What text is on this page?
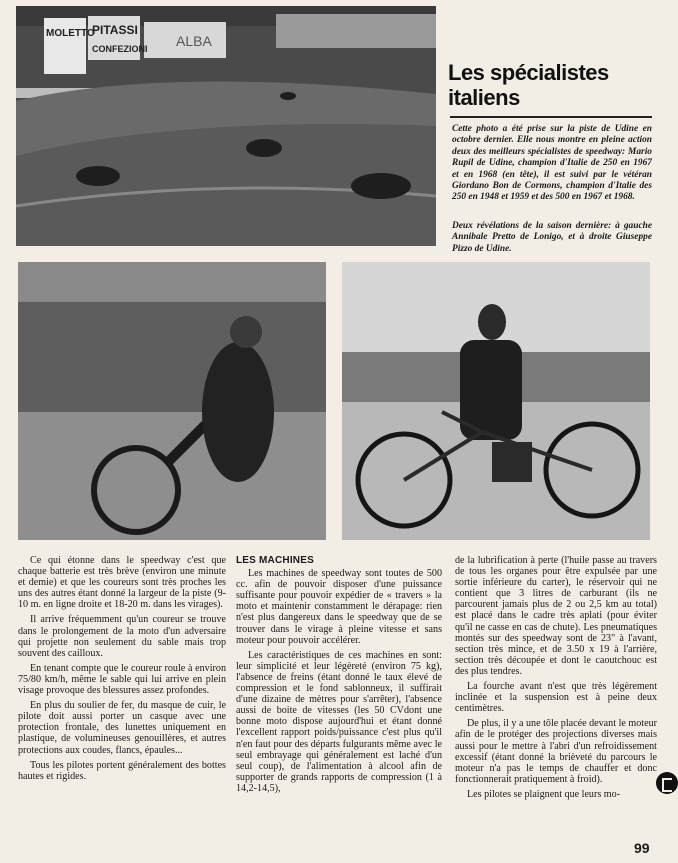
MOLETTO
PITASSI
CONFEZIONI ALBA
Les spécialistes italiens

Cette photo a été prise sur la piste de Udine en octobre dernier. Elle nous montre en pleine action deux des meilleurs spécialistes de speedway: Mario Rupil de Udine, champion d'Italie de 250 en 1967 et en 1968 (en tête), il est suivi par le vétéran Giordano Bon de Cormons, champion d'Italie des 250 en 1948 et 1959 et des 500 en 1967 et 1968.

Deux révélations de la saison dernière: à gauche Annibale Pretto de Lonigo, et à droite Giuseppe Pizzo de Udine.

Ce qui étonne dans le speedway c'est que chaque batterie est très brève (environ une minute et demie) et que les coureurs sont très proches les uns des autres étant donné la largeur de la piste (9-10 m. en ligne droite et 18-20 m. dans les virages).

Il arrive fréquemment qu'un coureur se trouve dans le prolongement de la moto d'un adversaire qui projette non seulement du sable mais trop souvent des cailloux.

En tenant compte que le coureur roule à environ 75/80 km/h, même le sable qui lui arrive en plein visage provoque des blessures assez profondes.

En plus du soulier de fer, du masque de cuir, le pilote doit aussi porter un casque avec une protection frontale, des lunettes uniquement en plastique, de volumineuses genouillères, et autres protections aux coudes, flancs, épaules...

Tous les pilotes portent généralement des bottes hautes et rigides.

LES MACHINES

Les machines de speedway sont toutes de 500 cc. afin de pouvoir disposer d'une puissance suffisante pour pouvoir expédier de « travers » la moto et maintenir constamment le dérapage: rien n'est plus dangereux dans le speedway que de se trouver dans le virage à pleine vitesse et sans moteur pour pouvoir accélérer.

Les caractéristiques de ces machines en sont: leur simplicité et leur légèreté (environ 75 kg), l'absence de freins (étant donné le taux élevé de compression et le fond sablonneux, il suffirait d'une dizaine de mètres pour s'arrêter), l'absence aussi de boite de vitesses (les 50 CVdont une bonne moto dispose aujourd'hui et étant donné l'excellent rapport poids/puissance c'est plus qu'il n'en faut pour des départs fulgurants même avec le seul embrayage qui généralement est laché d'un seul coup), de l'alimentation à alcool afin de supporter de grands rapports de compression (1 à 14,2-14,5),

de la lubrification à perte (l'huile passe au travers de tous les organes pour être expulsée par une sortie inférieure du carter), le réservoir qui ne contient que 3 litres de carburant (ils ne parcourent jamais plus de 2 ou 2,5 km au total) est placé dans le cadre très aplati (pour éviter qu'il ne casse en cas de chute). Les pneumatiques montés sur des speedway sont de 23" à l'avant, section très mince, et de 3.50 x 19 à l'arrière, section très découpée et dont le caoutchouc est des plus tendres.

La fourche avant n'est que très légèrement inclinée et la suspension est à peine deux centimètres.

De plus, il y a une tôle placée devant le moteur afin de le protéger des projections diverses mais aussi pour le mettre à l'abri d'un refroidissement excessif (étant donné la brièveté du parcours le moteur n'a pas le temps de chauffer et donc fonctionnerait pratiquement à froid).

Les pilotes se plaignent que leurs mo-

99
